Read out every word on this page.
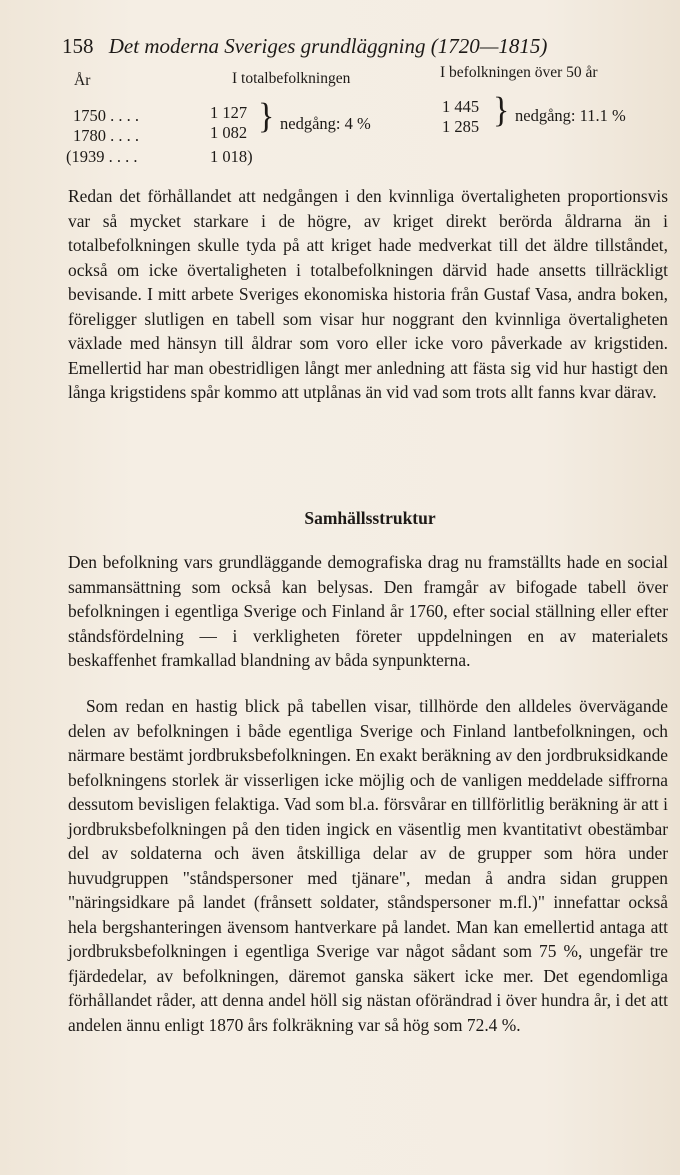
158 Det moderna Sveriges grundläggning (1720—1815)
År	I totalbefolkningen	I befolkningen över 50 år
1750 . . . .	1 127	1 445
1780 . . . .	1 082	1 285
(1939 . . . .	1 018)
} nedgång: 4 %	} nedgång: 11.1 %

Redan det förhållandet att nedgången i den kvinnliga övertaligheten proportionsvis var så mycket starkare i de högre, av kriget direkt berörda åldrarna än i totalbefolkningen skulle tyda på att kriget hade medverkat till det äldre tillståndet, också om icke övertaligheten i totalbefolkningen därvid hade ansetts tillräckligt bevisande. I mitt arbete Sveriges ekonomiska historia från Gustaf Vasa, andra boken, föreligger slutligen en tabell som visar hur noggrant den kvinnliga övertaligheten växlade med hänsyn till åldrar som voro eller icke voro påverkade av krigstiden. Emellertid har man obestridligen långt mer anledning att fästa sig vid hur hastigt den långa krigstidens spår kommo att utplånas än vid vad som trots allt fanns kvar därav.

Samhällsstruktur

Den befolkning vars grundläggande demografiska drag nu framställts hade en social sammansättning som också kan belysas. Den framgår av bifogade tabell över befolkningen i egentliga Sverige och Finland år 1760, efter social ställning eller efter ståndsfördelning — i verkligheten företer uppdelningen en av materialets beskaffenhet framkallad blandning av båda synpunkterna.

Som redan en hastig blick på tabellen visar, tillhörde den alldeles övervägande delen av befolkningen i både egentliga Sverige och Finland lantbefolkningen, och närmare bestämt jordbruksbefolkningen. En exakt beräkning av den jordbruksidkande befolkningens storlek är visserligen icke möjlig och de vanligen meddelade siffrorna dessutom bevisligen felaktiga. Vad som bl.a. försvårar en tillförlitlig beräkning är att i jordbruksbefolkningen på den tiden ingick en väsentlig men kvantitativt obestämbar del av soldaterna och även åtskilliga delar av de grupper som höra under huvudgruppen "ståndspersoner med tjänare", medan å andra sidan gruppen "näringsidkare på landet (frånsett soldater, ståndspersoner m.fl.)" innefattar också hela bergshanteringen ävensom hantverkare på landet. Man kan emellertid antaga att jordbruksbefolkningen i egentliga Sverige var något sådant som 75 %, ungefär tre fjärdedelar, av befolkningen, däremot ganska säkert icke mer. Det egendomliga förhållandet råder, att denna andel höll sig nästan oförändrad i över hundra år, i det att andelen ännu enligt 1870 års folkräkning var så hög som 72.4 %.
